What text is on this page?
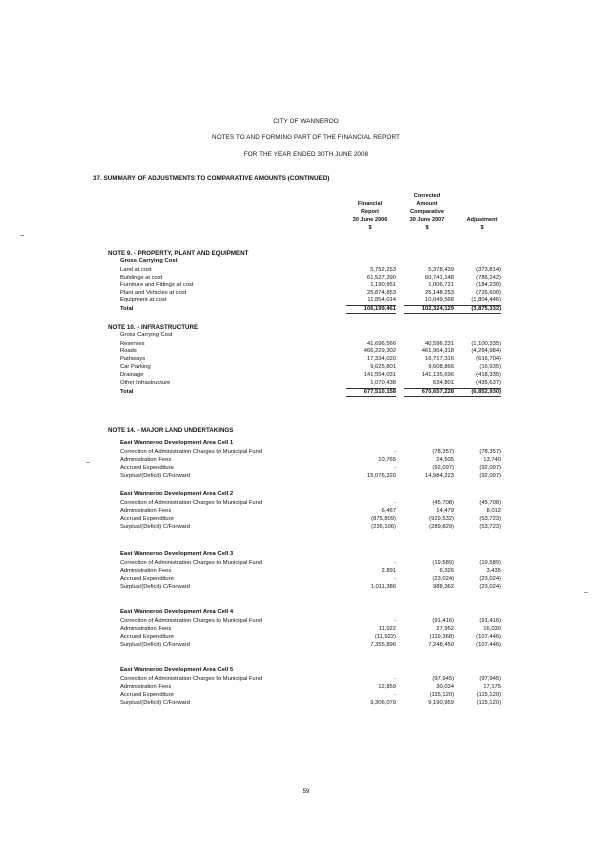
CITY OF WANNEROO
NOTES TO AND FORMING PART OF THE FINANCIAL REPORT
FOR THE YEAR ENDED 30TH JUNE 2008
37. SUMMARY OF ADJUSTMENTS TO COMPARATIVE AMOUNTS (CONTINUED)
Financial
Report
30 June 2006
$
Corrected
Amount
Comparative
30 June 2007
$
Adjustment
$
NOTE 9. - PROPERTY, PLANT AND EQUIPMENT
Gross Carrying Cost
Land at cost	5,752,253	5,378,439	(373,814)
Buildings at cost	61,527,390	60,741,148	(786,242)
Furniture and Fittings at cost	1,190,951	1,006,721	(184,230)
Plant and Vehicles at cost	25,874,853	25,148,253	(726,600)
Equipment at cost	11,854,014	10,049,568	(1,804,446)
Total	106,199,461	102,324,129	(3,875,332)
NOTE 10. - INFRASTRUCTURE
Gross Carrying Cost
Reserves	41,696,566	40,596,231	(1,100,335)
Roads	466,229,302	461,964,318	(4,264,984)
Pathways	17,334,020	16,717,316	(616,704)
Car Parking	9,625,801	9,608,866	(16,935)
Drainage	141,554,031	141,135,696	(418,335)
Other Infrastructure	1,070,438	634,801	(435,637)
Total	677,510,158	670,657,228	(6,852,930)
NOTE 14. - MAJOR LAND UNDERTAKINGS
East Wanneroo Development Area Cell 1
Correction of Administration Charges to Municipal Fund	-	(78,357)	(78,357)
Administration Fees	10,765	24,505	13,740
Accrued Expenditure	-	(92,097)	(92,097)
Surplus/(Deficit) C/Forward	15,076,320	14,984,223	(92,097)
East Wanneroo Development Area Cell 2
Correction of Administration Charges to Municipal Fund	-	(45,708)	(45,708)
Administration Fees	6,467	14,479	8,012
Accrued Expenditure	(875,809)	(929,532)	(53,723)
Surplus/(Deficit) C/Forward	(236,106)	(289,829)	(53,723)
East Wanneroo Development Area Cell 3
Correction of Administration Charges to Municipal Fund	-	(19,589)	(19,589)
Administration Fees	2,891	6,326	3,435
Accrued Expenditure	-	(23,024)	(23,024)
Surplus/(Deficit) C/Forward	1,011,386	988,362	(23,024)
East Wanneroo Development Area Cell 4
Correction of Administration Charges to Municipal Fund	-	(91,416)	(91,416)
Administration Fees	11,922	27,952	16,030
Accrued Expenditure	(11,922)	(119,368)	(107,446)
Surplus/(Deficit) C/Forward	7,355,896	7,248,450	(107,446)
East Wanneroo Development Area Cell 5
Correction of Administration Charges to Municipal Fund	-	(97,945)	(97,945)
Administration Fees	12,859	30,034	17,175
Accrued Expenditure	-	(115,120)	(115,120)
Surplus/(Deficit) C/Forward	9,306,079	9,190,959	(115,120)
59
